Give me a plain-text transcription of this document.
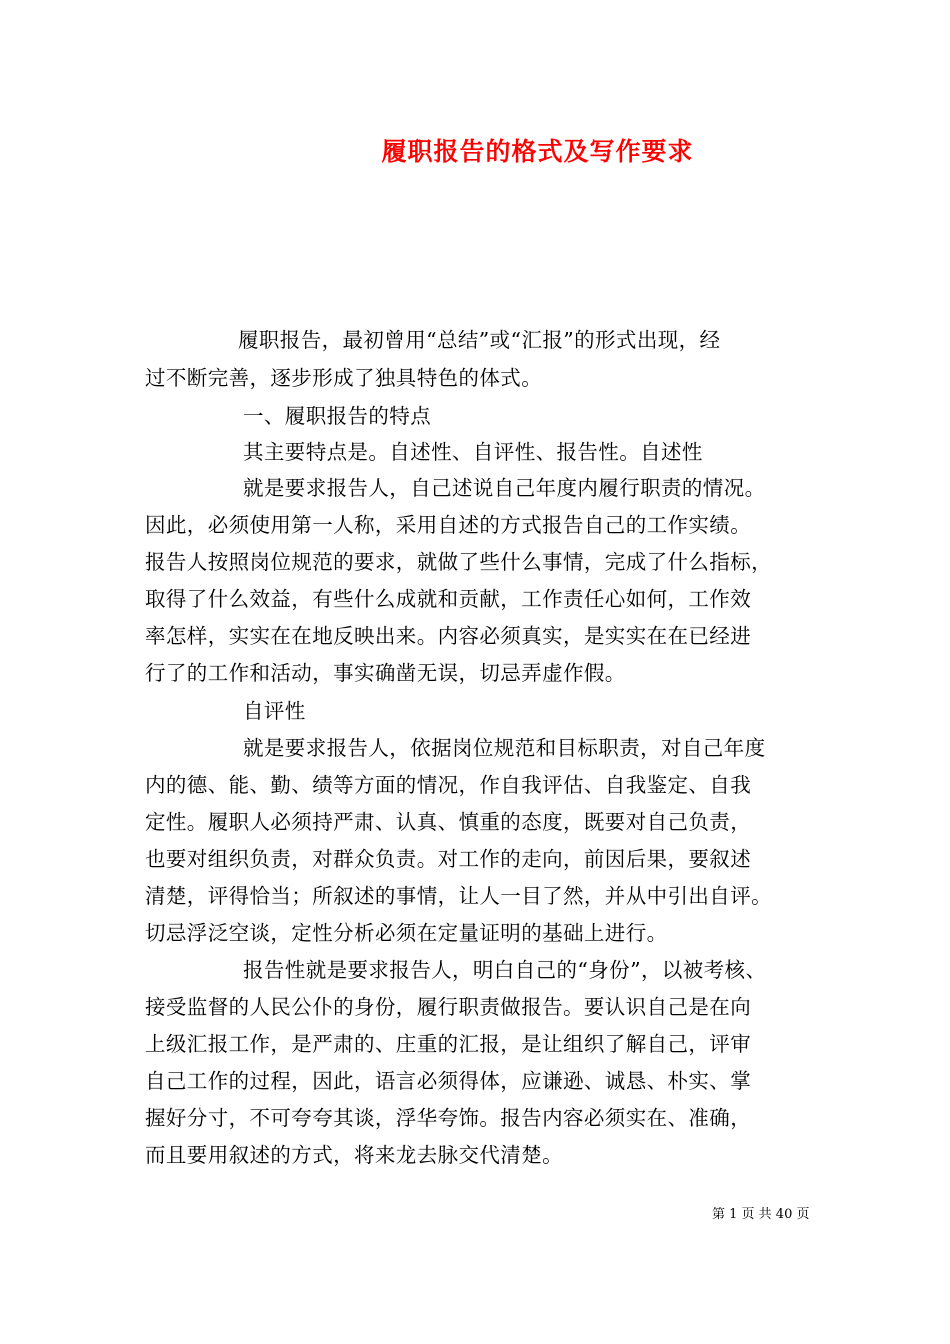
履职报告的格式及写作要求
履职报告，最初曾用“总结”或“汇报”的形式出现，经
过不断完善，逐步形成了独具特色的体式。
一、履职报告的特点
其主要特点是。自述性、自评性、报告性。自述性
就是要求报告人，自己述说自己年度内履行职责的情况。
因此，必须使用第一人称，采用自述的方式报告自己的工作实绩。
报告人按照岗位规范的要求，就做了些什么事情，完成了什么指标，
取得了什么效益，有些什么成就和贡献，工作责任心如何，工作效
率怎样，实实在在地反映出来。内容必须真实，是实实在在已经进
行了的工作和活动，事实确凿无误，切忌弄虚作假。
自评性
就是要求报告人，依据岗位规范和目标职责，对自己年度
内的德、能、勤、绩等方面的情况，作自我评估、自我鉴定、自我
定性。履职人必须持严肃、认真、慎重的态度，既要对自己负责，
也要对组织负责，对群众负责。对工作的走向，前因后果，要叙述
清楚，评得恰当；所叙述的事情，让人一目了然，并从中引出自评。
切忌浮泛空谈，定性分析必须在定量证明的基础上进行。
报告性就是要求报告人，明白自己的“身份”，以被考核、
接受监督的人民公仆的身份，履行职责做报告。要认识自己是在向
上级汇报工作，是严肃的、庄重的汇报，是让组织了解自己，评审
自己工作的过程，因此，语言必须得体，应谦逊、诚恳、朴实、掌
握好分寸，不可夸夸其谈，浮华夸饰。报告内容必须实在、准确，
而且要用叙述的方式，将来龙去脉交代清楚。
第 1 页 共 40 页
